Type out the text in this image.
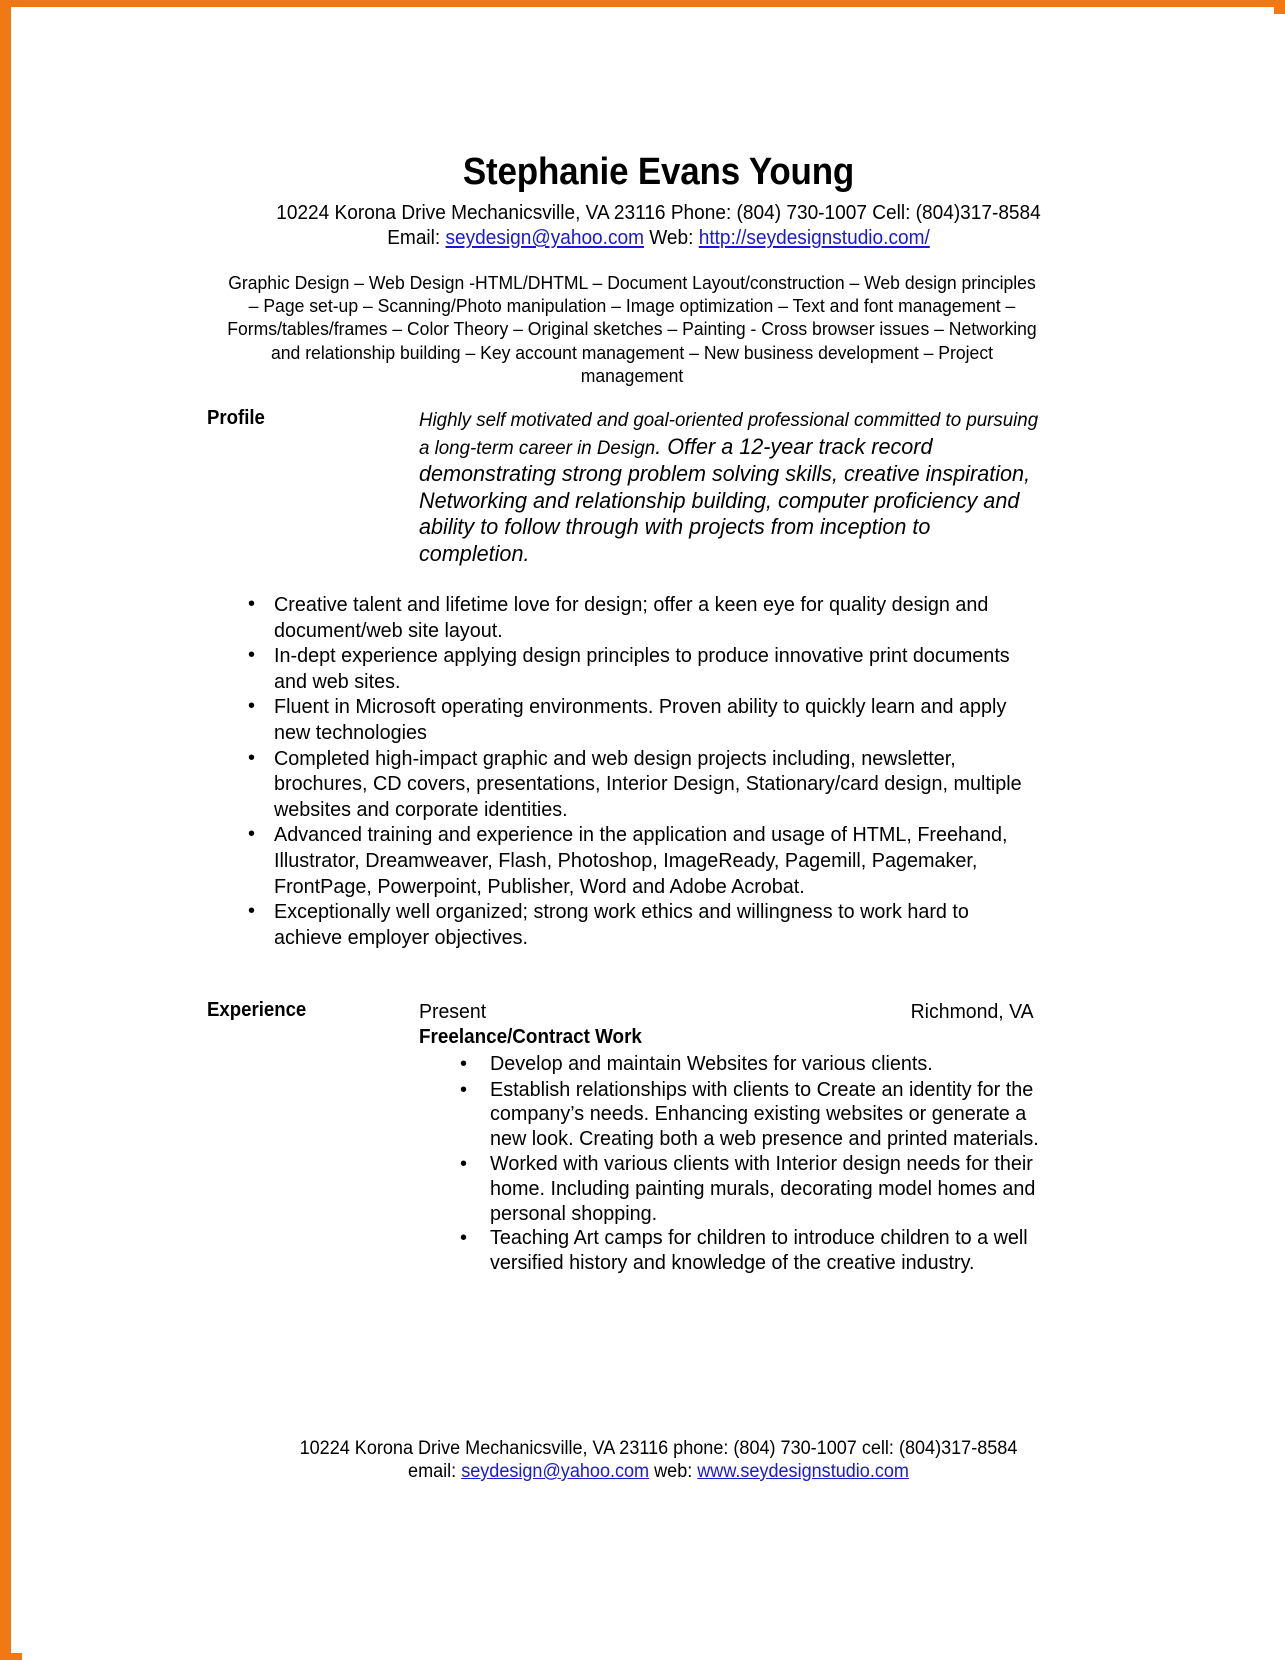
Stephanie Evans Young
10224 Korona Drive Mechanicsville, VA 23116 Phone: (804) 730-1007 Cell: (804)317-8584
Email: seydesign@yahoo.com Web: http://seydesignstudio.com/
Graphic Design – Web Design -HTML/DHTML – Document Layout/construction – Web design principles – Page set-up – Scanning/Photo manipulation – Image optimization – Text and font management – Forms/tables/frames – Color Theory – Original sketches – Painting - Cross browser issues – Networking and relationship building – Key account management – New business development – Project management
Profile	Highly self motivated and goal-oriented professional committed to pursuing a long-term career in Design. Offer a 12-year track record demonstrating strong problem solving skills, creative inspiration, Networking and relationship building, computer proficiency and ability to follow through with projects from inception to completion.
• Creative talent and lifetime love for design; offer a keen eye for quality design and document/web site layout.
• In-dept experience applying design principles to produce innovative print documents and web sites.
• Fluent in Microsoft operating environments. Proven ability to quickly learn and apply new technologies
• Completed high-impact graphic and web design projects including, newsletter, brochures, CD covers, presentations, Interior Design, Stationary/card design, multiple websites and corporate identities.
• Advanced training and experience in the application and usage of HTML, Freehand, Illustrator, Dreamweaver, Flash, Photoshop, ImageReady, Pagemill, Pagemaker, FrontPage, Powerpoint, Publisher, Word and Adobe Acrobat.
• Exceptionally well organized; strong work ethics and willingness to work hard to achieve employer objectives.
Experience	Present	Richmond, VA
Freelance/Contract Work
•	Develop and maintain Websites for various clients.
•	Establish relationships with clients to Create an identity for the company’s needs. Enhancing existing websites or generate a new look. Creating both a web presence and printed materials.
•	Worked with various clients with Interior design needs for their home. Including painting murals, decorating model homes and personal shopping.
•	Teaching Art camps for children to introduce children to a well versified history and knowledge of the creative industry.
10224 Korona Drive Mechanicsville, VA 23116 phone: (804) 730-1007 cell: (804)317-8584
email: seydesign@yahoo.com web: www.seydesignstudio.com
